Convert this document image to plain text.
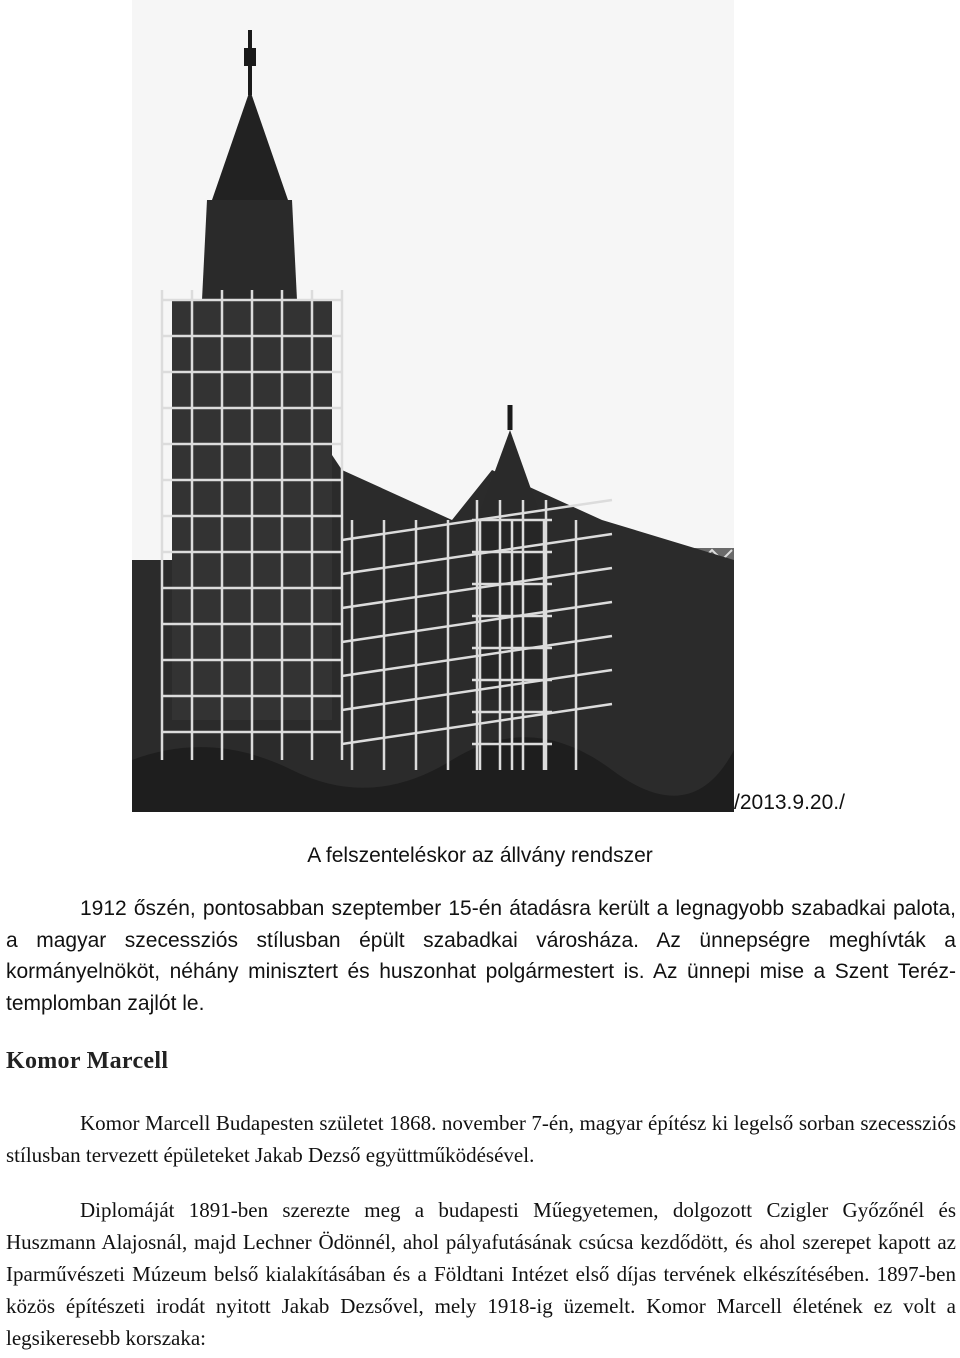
/2013.9.20./
A felszenteléskor az állvány rendszer

1912 őszén, pontosabban szeptember 15-én átadásra került a legnagyobb szabadkai palota, a magyar szecessziós stílusban épült szabadkai városháza. Az ünnepségre meghívták a kormányelnököt, néhány minisztert és huszonhat polgármestert is. Az ünnepi mise a Szent Teréz-templomban zajlót le.

Komor Marcell

Komor Marcell Budapesten születet 1868. november 7-én, magyar építész ki legelső sorban szecessziós stílusban tervezett épületeket Jakab Dezső együttműködésével.

Diplomáját 1891-ben szerezte meg a budapesti Műegyetemen, dolgozott Czigler Győzőnél és Huszmann Alajosnál, majd Lechner Ödönnél, ahol pályafutásának csúcsa kezdődött, és ahol szerepet kapott az Iparművészeti Múzeum belső kialakításában és a Földtani Intézet első díjas tervének elkészítésében. 1897-ben közös építészeti irodát nyitott Jakab Dezsővel, mely 1918-ig üzemelt. Komor Marcell életének ez volt a legsikeresebb korszaka:
